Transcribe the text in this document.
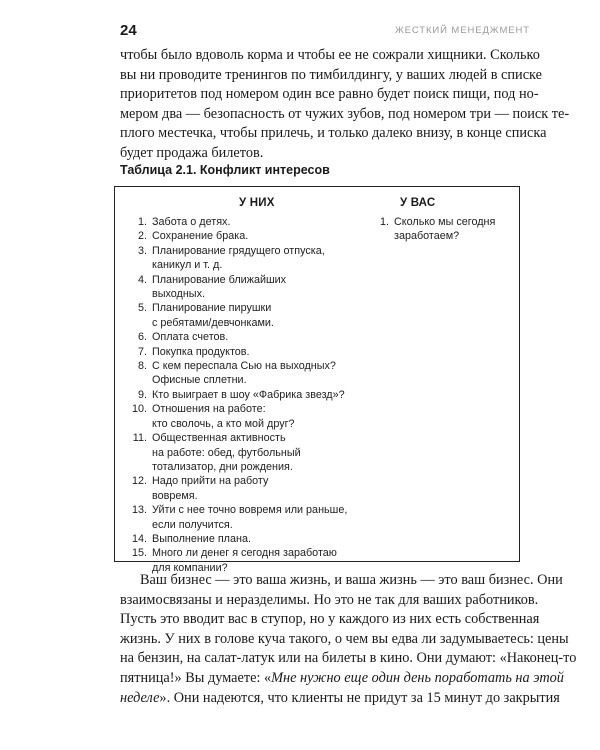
24	ЖЕСТКИЙ МЕНЕДЖМЕНТ
чтобы было вдоволь корма и чтобы ее не сожрали хищники. Сколько
вы ни проводите тренингов по тимбилдингу, у ваших людей в списке
приоритетов под номером один все равно будет поиск пищи, под но-
мером два — безопасность от чужих зубов, под номером три — поиск те-
плого местечка, чтобы прилечь, и только далеко внизу, в конце списка
будет продажа билетов.
Таблица 2.1. Конфликт интересов
У НИХ	У ВАС
1. Забота о детях.
2. Сохранение брака.
3. Планирование грядущего отпуска,
каникул и т. д.
4. Планирование ближайших
выходных.
5. Планирование пирушки
с ребятами/девчонками.
6. Оплата счетов.
7. Покупка продуктов.
8. С кем переспала Сью на выходных?
Офисные сплетни.
9. Кто выиграет в шоу «Фабрика звезд»?
10. Отношения на работе:
кто сволочь, а кто мой друг?
11. Общественная активность
на работе: обед, футбольный
тотализатор, дни рождения.
12. Надо прийти на работу
вовремя.
13. Уйти с нее точно вовремя или раньше,
если получится.
14. Выполнение плана.
15. Много ли денег я сегодня заработаю
для компании?
1. Сколько мы сегодня
заработаем?
Ваш бизнес — это ваша жизнь, и ваша жизнь — это ваш бизнес. Они
взаимосвязаны и неразделимы. Но это не так для ваших работников.
Пусть это вводит вас в ступор, но у каждого из них есть собственная
жизнь. У них в голове куча такого, о чем вы едва ли задумываетесь: цены
на бензин, на салат-латук или на билеты в кино. Они думают: «Наконец-то
пятница!» Вы думаете: «Мне нужно еще один день поработать на этой
неделе». Они надеются, что клиенты не придут за 15 минут до закрытия
